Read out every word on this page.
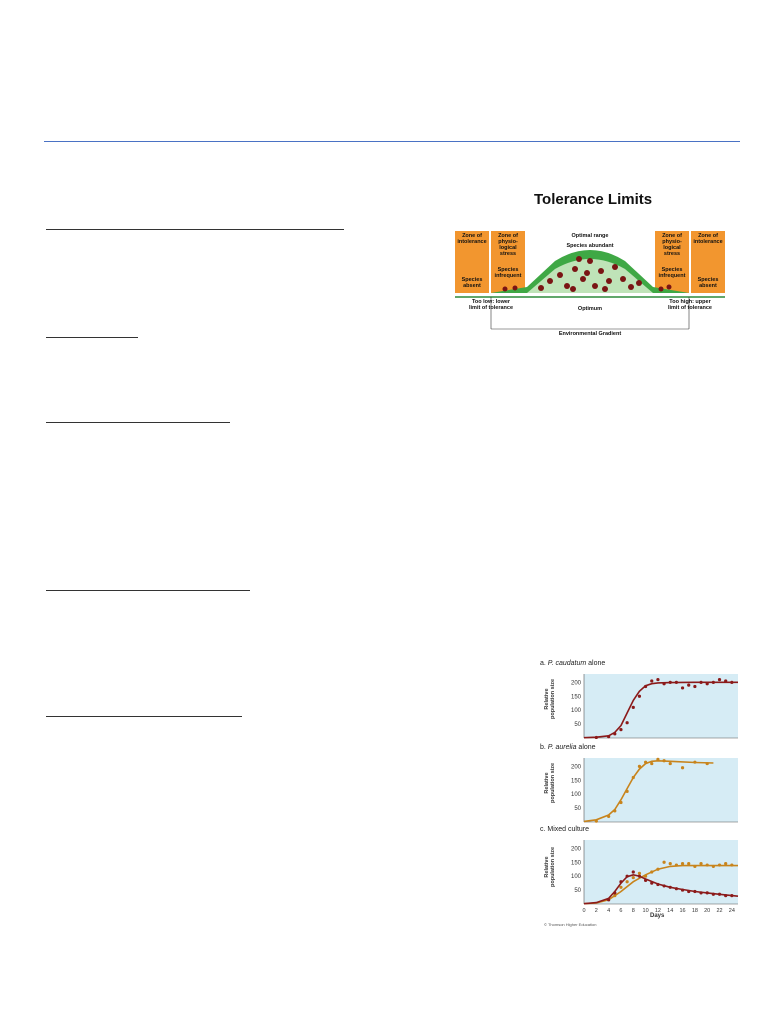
Tolerance Limits
Zone of intolerance
Zone of physio-logical stress
Optimal range
Species abundant
Zone of physio-logical stress
Zone of intolerance
Species absent
Species infrequent
Species infrequent
Species absent
Too low: lower limit of tolerance	Optimum
Too high: upper limit of tolerance
Environmental Gradient
a. P. caudatum alone
b. P. aurelia alone
c. Mixed culture
Relative population size
Relative population size
Relative population size
200
150
100
50
200
150
100
50
200
150
100
50
0 2 4 6 8 10 12 14 16 18 20 22 24
Days
© Thomson Higher Education
